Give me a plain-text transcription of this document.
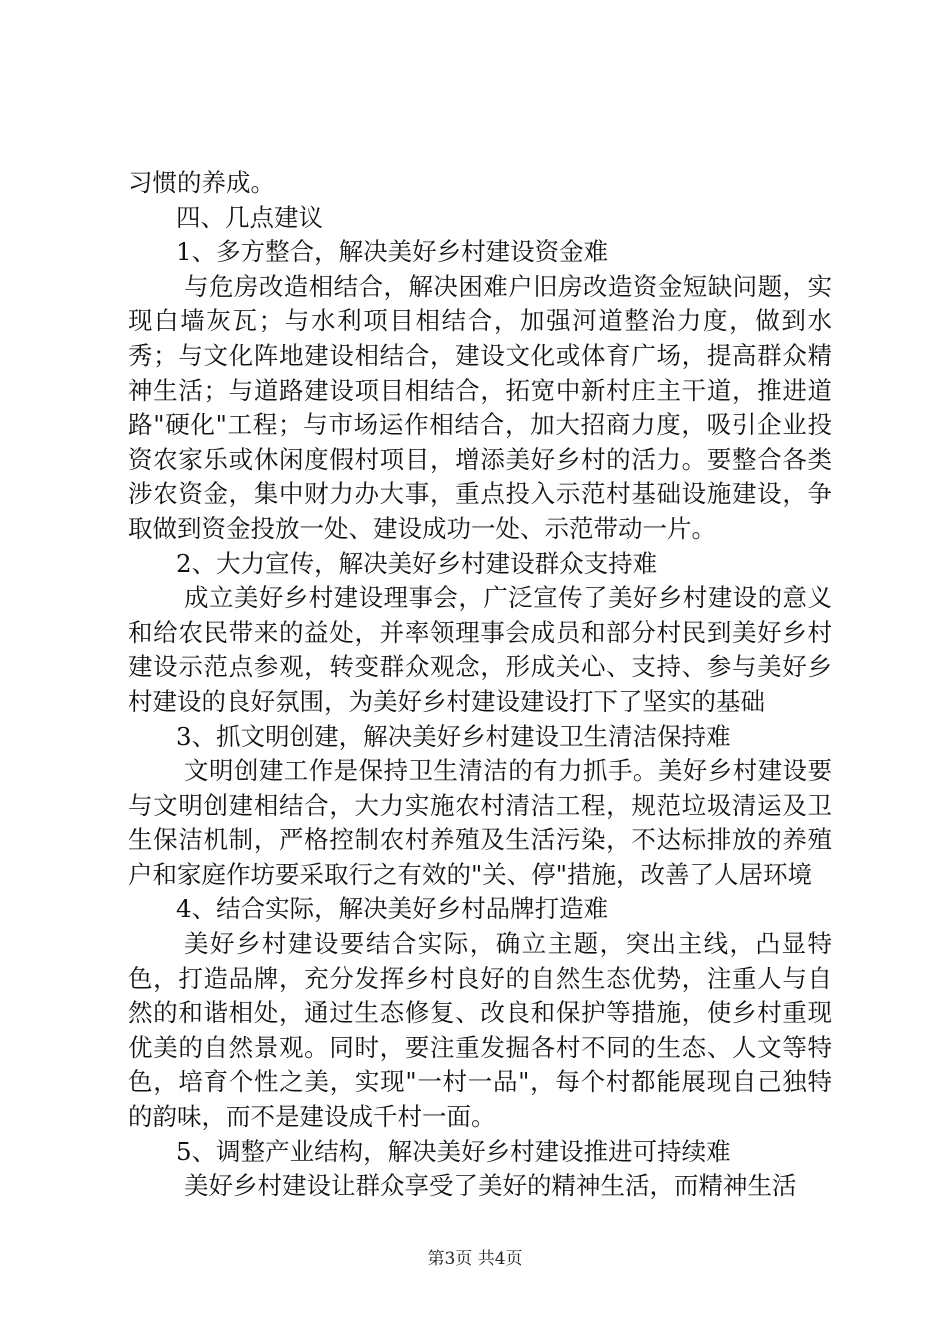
习惯的养成。

四、几点建议

1、多方整合，解决美好乡村建设资金难

与危房改造相结合，解决困难户旧房改造资金短缺问题，实现白墙灰瓦；与水利项目相结合，加强河道整治力度，做到水秀；与文化阵地建设相结合，建设文化或体育广场，提高群众精神生活；与道路建设项目相结合，拓宽中新村庄主干道，推进道路"硬化"工程；与市场运作相结合，加大招商力度，吸引企业投资农家乐或休闲度假村项目，增添美好乡村的活力。要整合各类涉农资金，集中财力办大事，重点投入示范村基础设施建设，争取做到资金投放一处、建设成功一处、示范带动一片。

2、大力宣传，解决美好乡村建设群众支持难

成立美好乡村建设理事会，广泛宣传了美好乡村建设的意义和给农民带来的益处，并率领理事会成员和部分村民到美好乡村建设示范点参观，转变群众观念，形成关心、支持、参与美好乡村建设的良好氛围，为美好乡村建设建设打下了坚实的基础

3、抓文明创建，解决美好乡村建设卫生清洁保持难

文明创建工作是保持卫生清洁的有力抓手。美好乡村建设要与文明创建相结合，大力实施农村清洁工程，规范垃圾清运及卫生保洁机制，严格控制农村养殖及生活污染，不达标排放的养殖户和家庭作坊要采取行之有效的"关、停"措施，改善了人居环境

4、结合实际，解决美好乡村品牌打造难

美好乡村建设要结合实际，确立主题，突出主线，凸显特色，打造品牌，充分发挥乡村良好的自然生态优势，注重人与自然的和谐相处，通过生态修复、改良和保护等措施，使乡村重现优美的自然景观。同时，要注重发掘各村不同的生态、人文等特色，培育个性之美，实现"一村一品"，每个村都能展现自己独特的韵味，而不是建设成千村一面。

5、调整产业结构，解决美好乡村建设推进可持续难

美好乡村建设让群众享受了美好的精神生活，而精神生活

第3页 共4页
